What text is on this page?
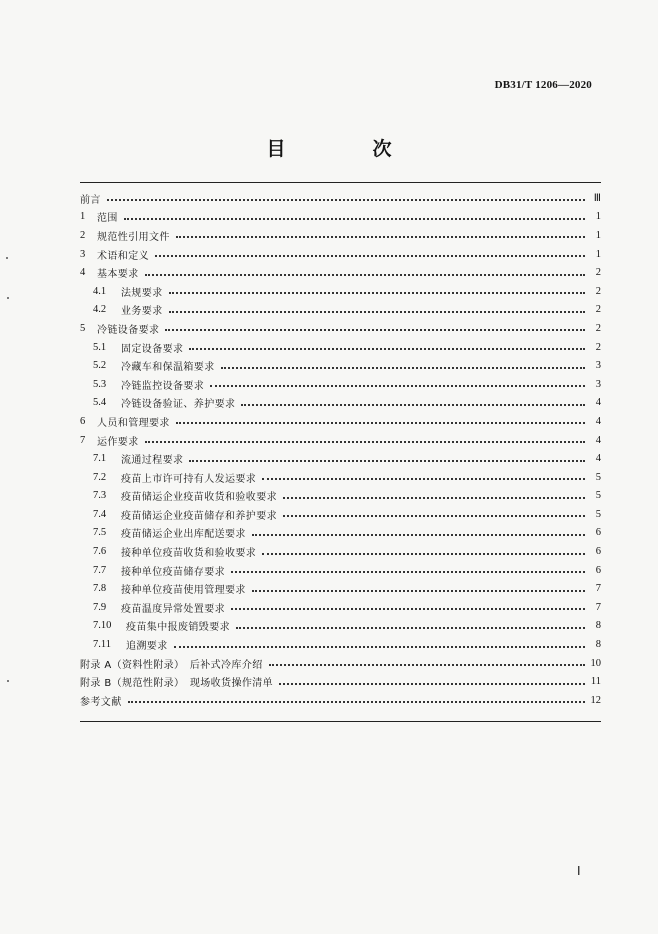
DB31/T 1206—2020
目　次
前言	Ⅲ
1	范围	1
2	规范性引用文件	1
3	术语和定义	1
4	基本要求	2
4.1	法规要求	2
4.2	业务要求	2
5	冷链设备要求	2
5.1	固定设备要求	2
5.2	冷藏车和保温箱要求	3
5.3	冷链监控设备要求	3
5.4	冷链设备验证、养护要求	4
6	人员和管理要求	4
7	运作要求	4
7.1	流通过程要求	4
7.2	疫苗上市许可持有人发运要求	5
7.3	疫苗储运企业疫苗收货和验收要求	5
7.4	疫苗储运企业疫苗储存和养护要求	5
7.5	疫苗储运企业出库配送要求	6
7.6	接种单位疫苗收货和验收要求	6
7.7	接种单位疫苗储存要求	6
7.8	接种单位疫苗使用管理要求	7
7.9	疫苗温度异常处置要求	7
7.10	疫苗集中报废销毁要求	8
7.11	追溯要求	8
附录 A（资料性附录）　后补式冷库介绍	10
附录 B（规范性附录）　现场收货操作清单	11
参考文献	12
Ⅰ
